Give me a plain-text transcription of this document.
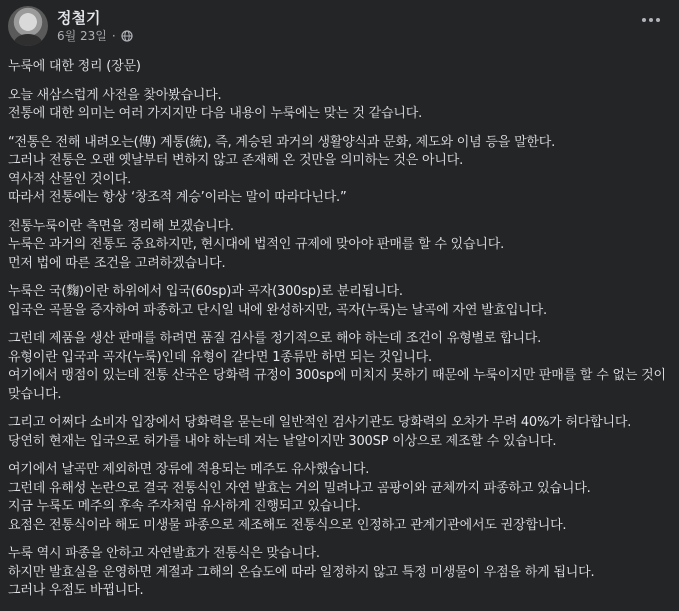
정철기
6월 23일 ·
누룩에 대한 정리 (장문)
오늘 새삼스럽게 사전을 찾아봤습니다.
전통에 대한 의미는 여러 가지지만 다음 내용이 누룩에는 맞는 것 같습니다.
“전통은 전해 내려오는(傳) 계통(統), 즉, 계승된 과거의 생활양식과 문화, 제도와 이념 등을 말한다.
그러나 전통은 오랜 옛날부터 변하지 않고 존재해 온 것만을 의미하는 것은 아니다.
역사적 산물인 것이다.
따라서 전통에는 항상 ‘창조적 계승’이라는 말이 따라다닌다.”
전통누룩이란 측면을 정리해 보겠습니다.
누룩은 과거의 전통도 중요하지만, 현시대에 법적인 규제에 맞아야 판매를 할 수 있습니다.
먼저 법에 따른 조건을 고려하겠습니다.
누룩은 국(麴)이란 하위에서 입국(60sp)과 곡자(300sp)로 분리됩니다.
입국은 곡물을 증자하여 파종하고 단시일 내에 완성하지만, 곡자(누룩)는 날곡에 자연 발효입니다.
그런데 제품을 생산 판매를 하려면 품질 검사를 정기적으로 해야 하는데 조건이 유형별로 합니다.
유형이란 입국과 곡자(누룩)인데 유형이 같다면 1종류만 하면 되는 것입니다.
여기에서 맹점이 있는데 전통 산국은 당화력 규정이 300sp에 미치지 못하기 때문에 누룩이지만 판매를 할 수 없는 것이 맞습니다.
그리고 어쩌다 소비자 입장에서 당화력을 묻는데 일반적인 검사기관도 당화력의 오차가 무려 40%가 허다합니다.
당연히 현재는 입국으로 허가를 내야 하는데 저는 낱알이지만 300SP 이상으로 제조할 수 있습니다.
여기에서 날곡만 제외하면 장류에 적용되는 메주도 유사했습니다.
그런데 유해성 논란으로 결국 전통식인 자연 발효는 거의 밀려나고 곰팡이와 균체까지 파종하고 있습니다.
지금 누룩도 메주의 후속 주자처럼 유사하게 진행되고 있습니다.
요점은 전통식이라 해도 미생물 파종으로 제조해도 전통식으로 인정하고 관계기관에서도 권장합니다.
누룩 역시 파종을 안하고 자연발효가 전통식은 맞습니다.
하지만 발효실을 운영하면 계절과 그해의 온습도에 따라 일정하지 않고 특정 미생물이 우점을 하게 됩니다.
그러나 우점도 바뀝니다.
